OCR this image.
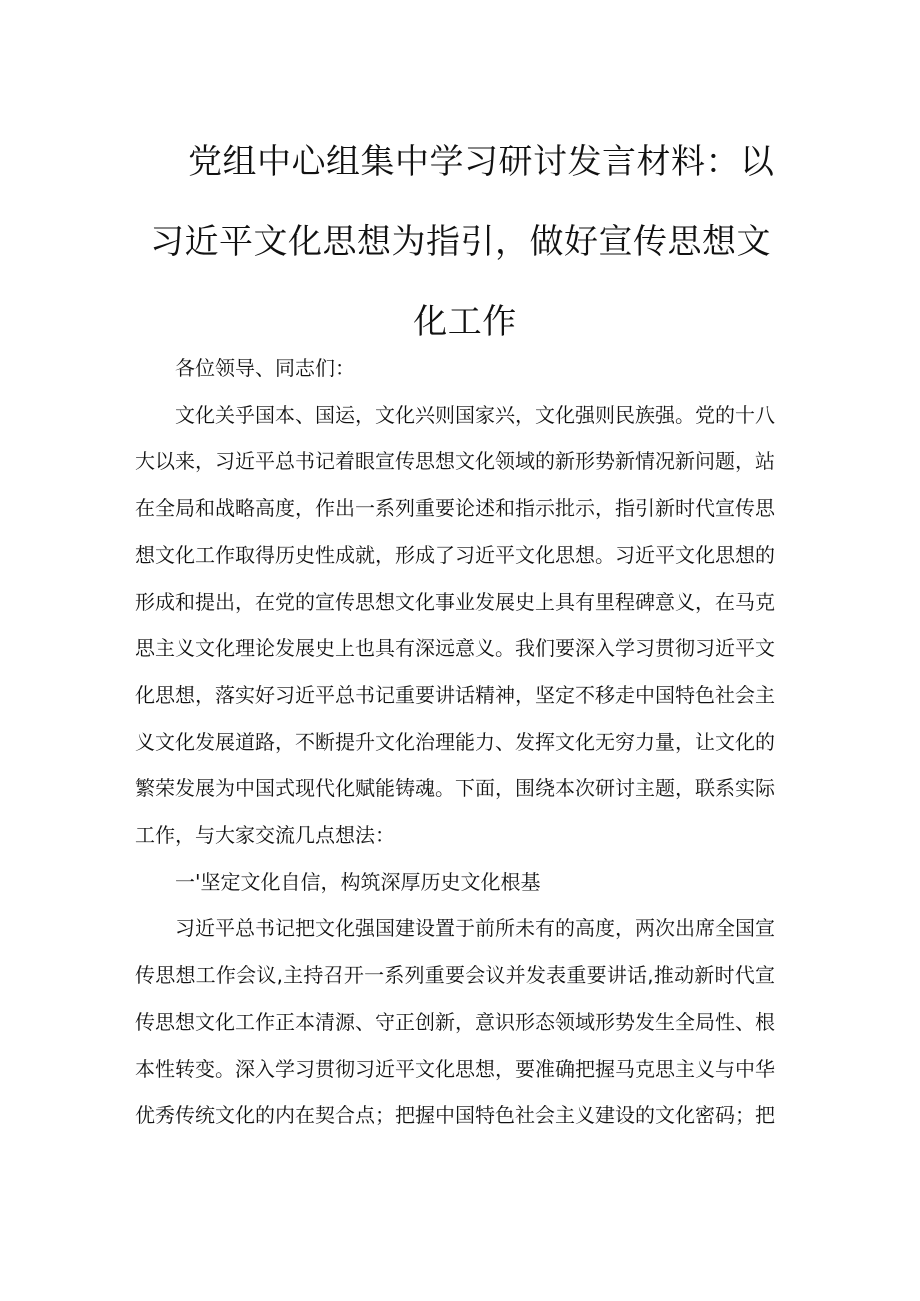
党组中心组集中学习研讨发言材料：以
习近平文化思想为指引，做好宣传思想文
化工作

各位领导、同志们：

文化关乎国本、国运，文化兴则国家兴，文化强则民族强。党的十八大以来，习近平总书记着眼宣传思想文化领域的新形势新情况新问题，站在全局和战略高度，作出一系列重要论述和指示批示，指引新时代宣传思想文化工作取得历史性成就，形成了习近平文化思想。习近平文化思想的形成和提出，在党的宣传思想文化事业发展史上具有里程碑意义，在马克思主义文化理论发展史上也具有深远意义。我们要深入学习贯彻习近平文化思想，落实好习近平总书记重要讲话精神，坚定不移走中国特色社会主义文化发展道路，不断提升文化治理能力、发挥文化无穷力量，让文化的繁荣发展为中国式现代化赋能铸魂。下面，围绕本次研讨主题，联系实际工作，与大家交流几点想法：

一'坚定文化自信，构筑深厚历史文化根基

习近平总书记把文化强国建设置于前所未有的高度，两次出席全国宣传思想工作会议,主持召开一系列重要会议并发表重要讲话,推动新时代宣传思想文化工作正本清源、守正创新，意识形态领域形势发生全局性、根本性转变。深入学习贯彻习近平文化思想，要准确把握马克思主义与中华优秀传统文化的内在契合点；把握中国特色社会主义建设的文化密码；把
